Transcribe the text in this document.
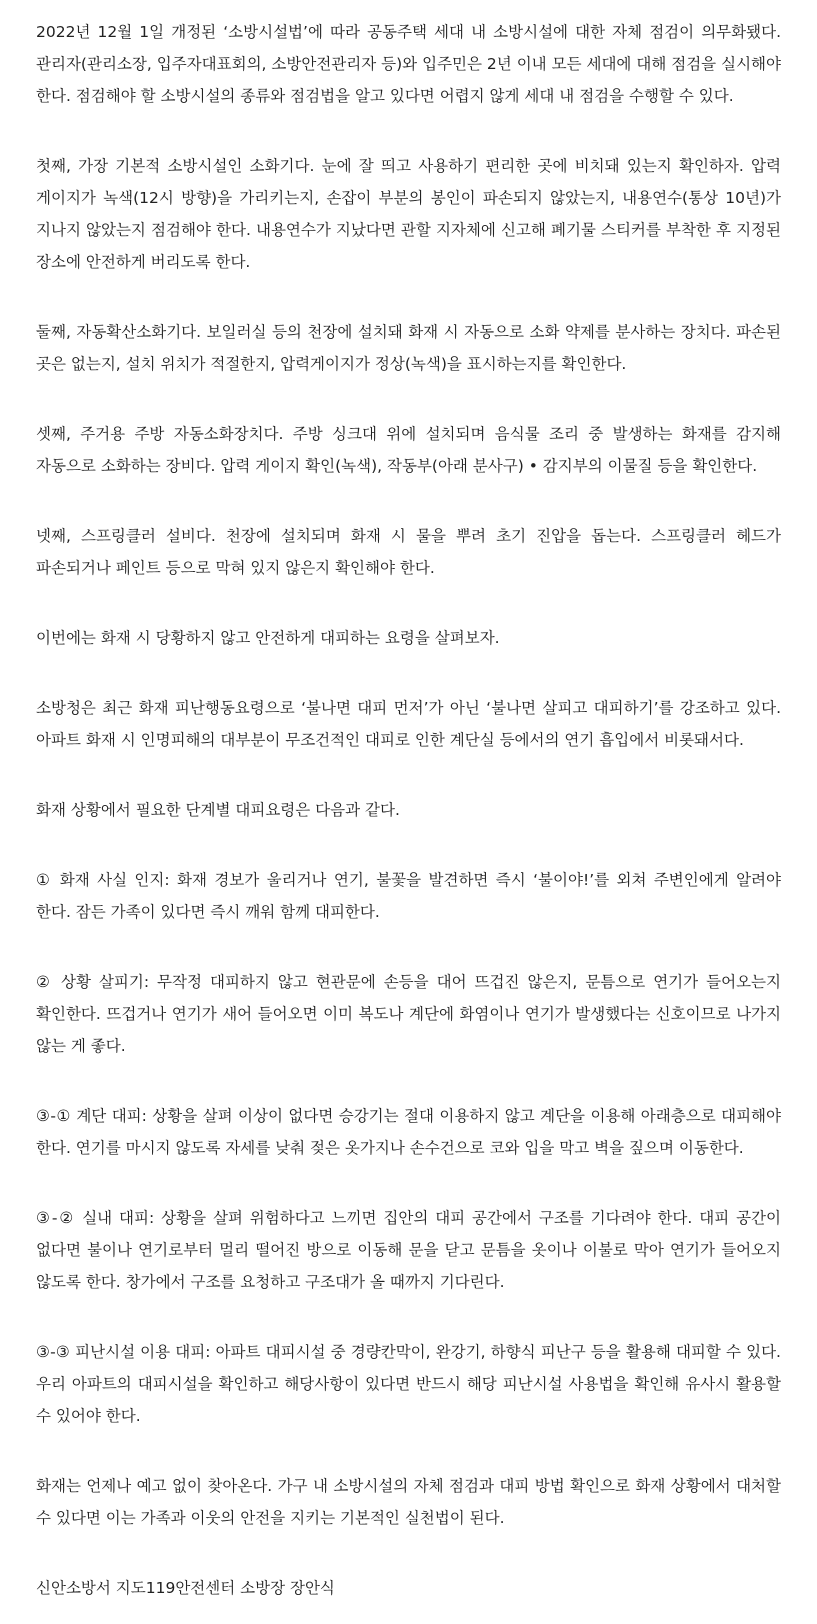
2022년 12월 1일 개정된 ‘소방시설법’에 따라 공동주택 세대 내 소방시설에 대한 자체 점검이 의무화됐다. 관리자(관리소장, 입주자대표회의, 소방안전관리자 등)와 입주민은 2년 이내 모든 세대에 대해 점검을 실시해야 한다. 점검해야 할 소방시설의 종류와 점검법을 알고 있다면 어렵지 않게 세대 내 점검을 수행할 수 있다.

첫째, 가장 기본적 소방시설인 소화기다. 눈에 잘 띄고 사용하기 편리한 곳에 비치돼 있는지 확인하자. 압력 게이지가 녹색(12시 방향)을 가리키는지, 손잡이 부분의 봉인이 파손되지 않았는지, 내용연수(통상 10년)가 지나지 않았는지 점검해야 한다. 내용연수가 지났다면 관할 지자체에 신고해 폐기물 스티커를 부착한 후 지정된 장소에 안전하게 버리도록 한다.

둘째, 자동확산소화기다. 보일러실 등의 천장에 설치돼 화재 시 자동으로 소화 약제를 분사하는 장치다. 파손된 곳은 없는지, 설치 위치가 적절한지, 압력게이지가 정상(녹색)을 표시하는지를 확인한다.

셋째, 주거용 주방 자동소화장치다. 주방 싱크대 위에 설치되며 음식물 조리 중 발생하는 화재를 감지해 자동으로 소화하는 장비다. 압력 게이지 확인(녹색), 작동부(아래 분사구) • 감지부의 이물질 등을 확인한다.

넷째, 스프링클러 설비다. 천장에 설치되며 화재 시 물을 뿌려 초기 진압을 돕는다. 스프링클러 헤드가 파손되거나 페인트 등으로 막혀 있지 않은지 확인해야 한다.

이번에는 화재 시 당황하지 않고 안전하게 대피하는 요령을 살펴보자.

소방청은 최근 화재 피난행동요령으로 ‘불나면 대피 먼저’가 아닌 ‘불나면 살피고 대피하기’를 강조하고 있다. 아파트 화재 시 인명피해의 대부분이 무조건적인 대피로 인한 계단실 등에서의 연기 흡입에서 비롯돼서다.

화재 상황에서 필요한 단계별 대피요령은 다음과 같다.

① 화재 사실 인지: 화재 경보가 울리거나 연기, 불꽃을 발견하면 즉시 ‘불이야!’를 외쳐 주변인에게 알려야 한다. 잠든 가족이 있다면 즉시 깨워 함께 대피한다.

② 상황 살피기: 무작정 대피하지 않고 현관문에 손등을 대어 뜨겁진 않은지, 문틈으로 연기가 들어오는지 확인한다. 뜨겁거나 연기가 새어 들어오면 이미 복도나 계단에 화염이나 연기가 발생했다는 신호이므로 나가지 않는 게 좋다.

③-① 계단 대피: 상황을 살펴 이상이 없다면 승강기는 절대 이용하지 않고 계단을 이용해 아래층으로 대피해야 한다. 연기를 마시지 않도록 자세를 낮춰 젖은 옷가지나 손수건으로 코와 입을 막고 벽을 짚으며 이동한다.

③-② 실내 대피: 상황을 살펴 위험하다고 느끼면 집안의 대피 공간에서 구조를 기다려야 한다. 대피 공간이 없다면 불이나 연기로부터 멀리 떨어진 방으로 이동해 문을 닫고 문틈을 옷이나 이불로 막아 연기가 들어오지 않도록 한다. 창가에서 구조를 요청하고 구조대가 올 때까지 기다린다.

③-③ 피난시설 이용 대피: 아파트 대피시설 중 경량칸막이, 완강기, 하향식 피난구 등을 활용해 대피할 수 있다. 우리 아파트의 대피시설을 확인하고 해당사항이 있다면 반드시 해당 피난시설 사용법을 확인해 유사시 활용할 수 있어야 한다.

화재는 언제나 예고 없이 찾아온다. 가구 내 소방시설의 자체 점검과 대피 방법 확인으로 화재 상황에서 대처할 수 있다면 이는 가족과 이웃의 안전을 지키는 기본적인 실천법이 된다.

신안소방서 지도119안전센터 소방장 장안식
